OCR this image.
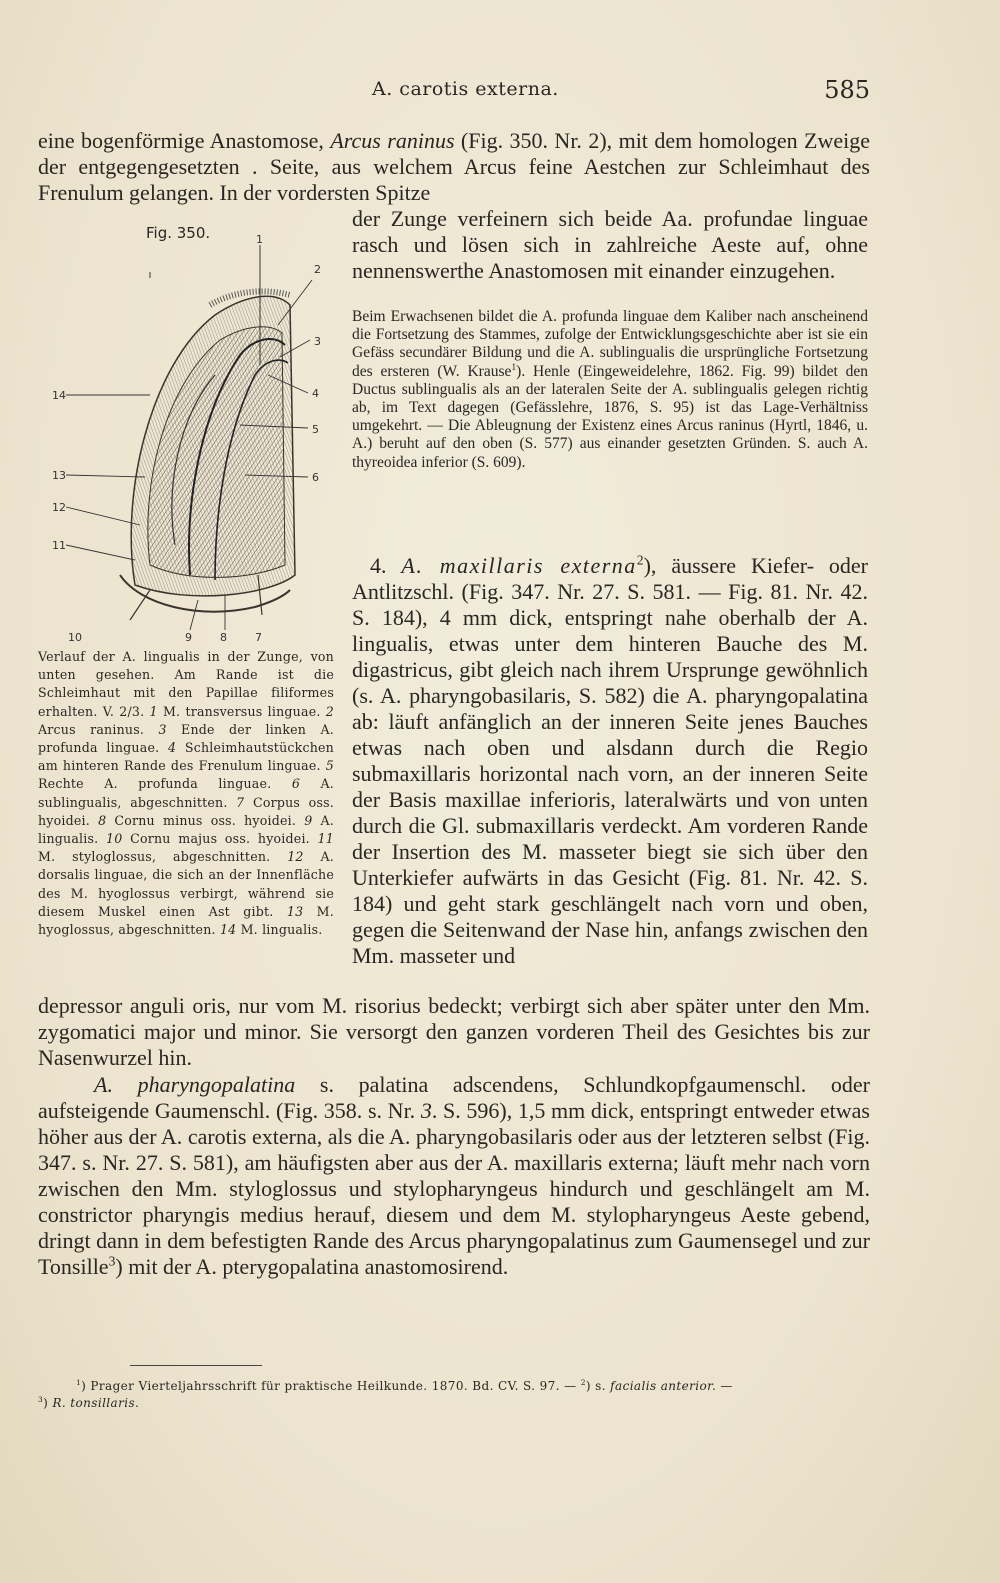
A. carotis externa.	585
eine bogenförmige Anastomose, Arcus raninus (Fig. 350. Nr. 2), mit dem homologen Zweige der entgegengesetzten . Seite, aus welchem Arcus feine Aestchen zur Schleimhaut des Frenulum gelangen. In der vordersten Spitze
der Zunge verfeinern sich beide Aa. profundae linguae rasch und lösen sich in zahlreiche Aeste auf, ohne nennenswerthe Anastomosen mit einander einzugehen.
Beim Erwachsenen bildet die A. profunda linguae dem Kaliber nach anscheinend die Fortsetzung des Stammes, zufolge der Entwicklungsgeschichte aber ist sie ein Gefäss secundärer Bildung und die A. sublingualis die ursprüngliche Fortsetzung des ersteren (W. Krause$^1$). Henle (Eingeweidelehre, 1862. Fig. 99) bildet den Ductus sublingualis als an der lateralen Seite der A. sublingualis gelegen richtig ab, im Text dagegen (Gefässlehre, 1876, S. 95) ist das Lage-Verhältniss umgekehrt. — Die Ableugnung der Existenz eines Arcus raninus (Hyrtl, 1846, u. A.) beruht auf den oben (S. 577) aus einander gesetzten Gründen. S. auch A. thyreoidea inferior (S. 609).
4. A. maxillaris externa$^2$), äussere Kiefer- oder Antlitzschl. (Fig. 347. Nr. 27. S. 581. — Fig. 81. Nr. 42. S. 184), 4 mm dick, entspringt nahe oberhalb der A. lingualis, etwas unter dem hinteren Bauche des M. digastricus, gibt gleich nach ihrem Ursprunge gewöhnlich (s. A. pharyngobasilaris, S. 582) die A. pharyngopalatina ab: läuft anfänglich an der inneren Seite jenes Bauches etwas nach oben und alsdann durch die Regio submaxillaris horizontal nach vorn, an der inneren Seite der Basis maxillae inferioris, lateralwärts und von unten durch die Gl. submaxillaris verdeckt. Am vorderen Rande der Insertion des M. masseter biegt sie sich über den Unterkiefer aufwärts in das Gesicht (Fig. 81. Nr. 42. S. 184) und geht stark geschlängelt nach vorn und oben, gegen die Seitenwand der Nase hin, anfangs zwischen den Mm. masseter und
depressor anguli oris, nur vom M. risorius bedeckt; verbirgt sich aber später unter den Mm. zygomatici major und minor. Sie versorgt den ganzen vorderen Theil des Gesichtes bis zur Nasenwurzel hin.
A. pharyngopalatina s. palatina adscendens, Schlundkopfgaumenschl. oder aufsteigende Gaumenschl. (Fig. 358. s. Nr. 3. S. 596), 1,5 mm dick, entspringt entweder etwas höher aus der A. carotis externa, als die A. pharyngobasilaris oder aus der letzteren selbst (Fig. 347. s. Nr. 27. S. 581), am häufigsten aber aus der A. maxillaris externa; läuft mehr nach vorn zwischen den Mm. styloglossus und stylopharyngeus hindurch und geschlängelt am M. constrictor pharyngis medius herauf, diesem und dem M. stylopharyngeus Aeste gebend, dringt dann in dem befestigten Rande des Arcus pharyngopalatinus zum Gaumensegel und zur Tonsille$^3$) mit der A. pterygopalatina anastomosirend.
Fig. 350.	1
2
3
4
5
6
7
8
9
10
11
12
13
14
Verlauf der A. lingualis in der Zunge, von unten gesehen. Am Rande ist die Schleimhaut mit den Papillae filiformes erhalten. V. 2/3. 1 M. transversus linguae. 2 Arcus raninus. 3 Ende der linken A. profunda linguae. 4 Schleimhautstückchen am hinteren Rande des Frenulum linguae. 5 Rechte A. profunda linguae. 6 A. sublingualis, abgeschnitten. 7 Corpus oss. hyoidei. 8 Cornu minus oss. hyoidei. 9 A. lingualis. 10 Cornu majus oss. hyoidei. 11 M. styloglossus, abgeschnitten. 12 A. dorsalis linguae, die sich an der Innenfläche des M. hyoglossus verbirgt, während sie diesem Muskel einen Ast gibt. 13 M. hyoglossus, abgeschnitten. 14 M. lingualis.
$^1$) Prager Vierteljahrsschrift für praktische Heilkunde. 1870. Bd. CV. S. 97. — $^2$) s. facialis anterior. —
$^3$) R. tonsillaris.
